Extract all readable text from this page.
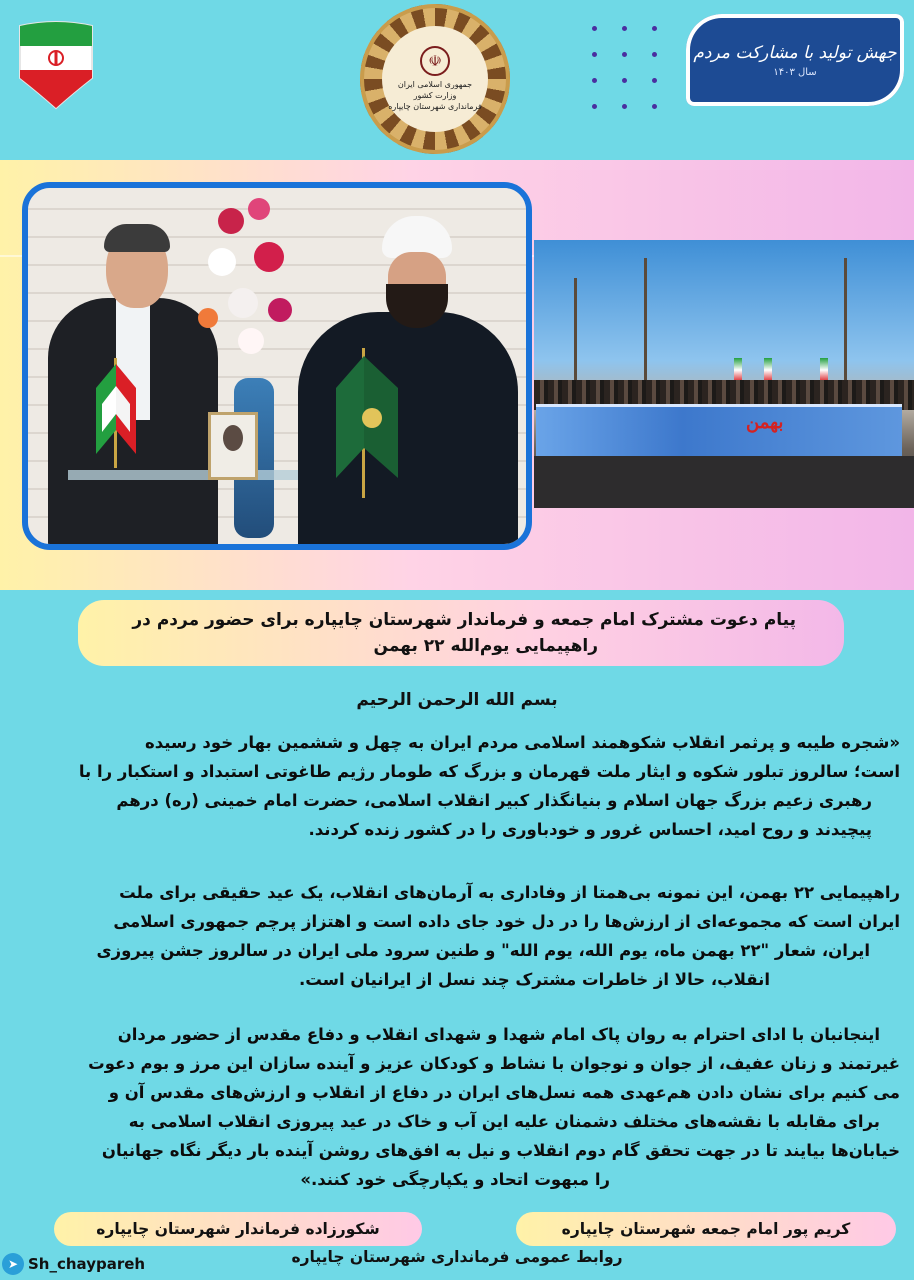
☫
جمهوری اسلامی ایران
وزارت کشور
فرمانداری شهرستان چایپاره
جهش تولید با مشارکت مردم
سال ۱۴۰۳
بهمن
پیام دعوت مشترک امام جمعه و فرماندار شهرستان چایپاره برای حضور مردم در
راهپیمایی یوم‌الله ۲۲ بهمن
بسم الله الرحمن الرحیم
«شجره طیبه و پرثمر انقلاب شکوهمند اسلامی مردم ایران به چهل و ششمین بهار خود رسیده
است؛ سالروز تبلور شکوه و ایثار ملت قهرمان و بزرگ که طومار رژیم طاغوتی استبداد و استکبار را با
رهبری زعیم بزرگ جهان اسلام و بنیانگذار کبیر انقلاب اسلامی، حضرت امام خمینی (ره) درهم
پیچیدند و روح امید، احساس غرور و خودباوری را در کشور زنده کردند.
راهپیمایی ۲۲ بهمن، این نمونه بی‌همتا از وفاداری به آرمان‌های انقلاب، یک عید حقیقی برای ملت
ایران است که مجموعه‌ای از ارزش‌ها را در دل خود جای داده است و اهتزاز پرچم جمهوری اسلامی
ایران، شعار "۲۲ بهمن ماه، یوم الله، یوم الله" و طنین سرود ملی ایران در سالروز جشن پیروزی
انقلاب، حالا از خاطرات مشترک چند نسل از ایرانیان است.
اینجانبان با ادای احترام به روان پاک امام شهدا و شهدای انقلاب و دفاع مقدس از حضور مردان
غیرتمند و زنان عفیف، از جوان و نوجوان با نشاط و کودکان عزیز و آینده سازان این مرز و بوم دعوت
می کنیم برای نشان دادن هم‌عهدی همه نسل‌های ایران در دفاع از انقلاب و ارزش‌های مقدس آن و
برای مقابله با نقشه‌های مختلف دشمنان علیه این آب و خاک در عید پیروزی انقلاب اسلامی به
خیابان‌ها بیایند تا در جهت تحقق گام دوم انقلاب و نیل به افق‌های روشن آینده بار دیگر نگاه جهانیان
را مبهوت اتحاد و یکپارچگی خود کنند.»
شکورزاده فرماندار شهرستان چایپاره	کریم پور امام جمعه شهرستان چایپاره
روابط عمومی فرمانداری شهرستان چایپاره
➤ Sh_chaypareh
